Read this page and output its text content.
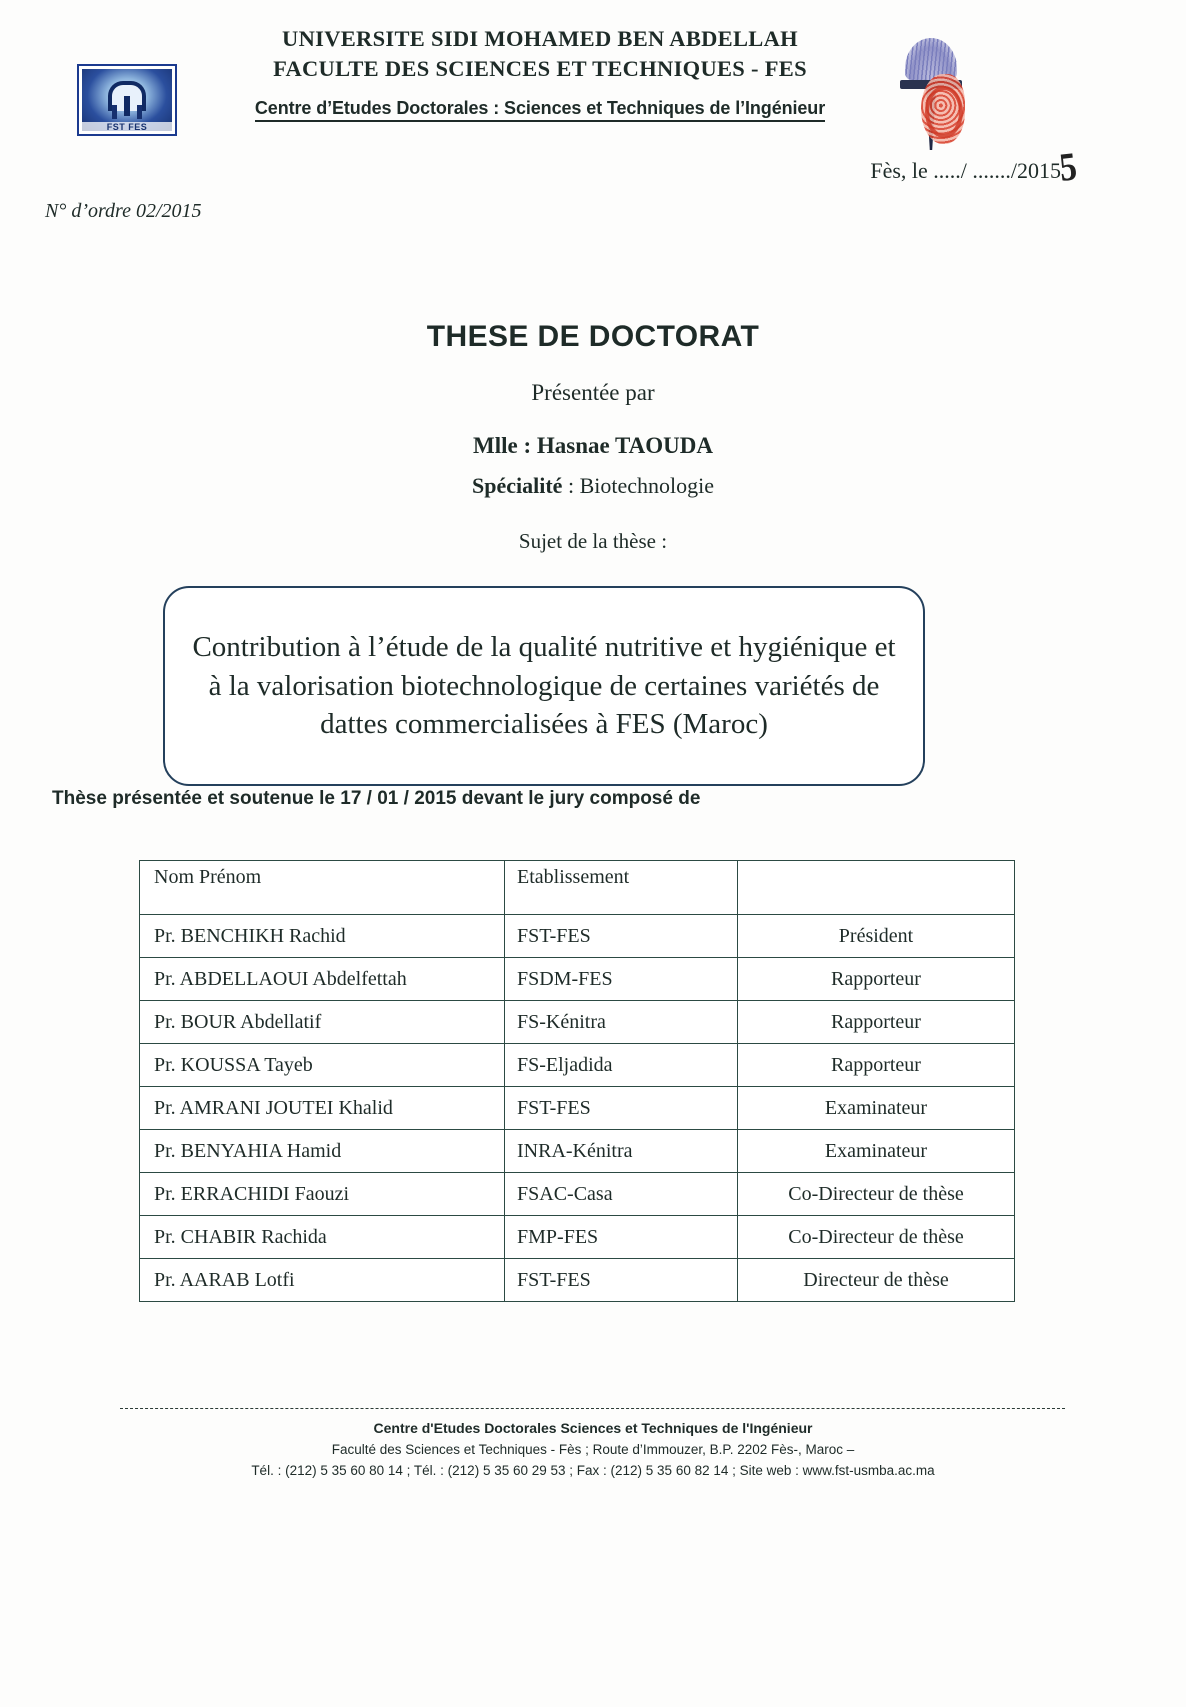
FST FES
UNIVERSITE SIDI MOHAMED BEN ABDELLAH
FACULTE DES SCIENCES ET TECHNIQUES - FES
Centre d’Etudes Doctorales : Sciences et Techniques de l’Ingénieur
Fès, le ...../ ......./2015
5
N° d’ordre 02/2015
THESE DE DOCTORAT
Présentée par
Mlle : Hasnae TAOUDA
Spécialité : Biotechnologie
Sujet de la thèse :
Contribution à l’étude de la qualité nutritive et hygiénique et à la valorisation biotechnologique de certaines variétés de dattes commercialisées à FES (Maroc)
Thèse présentée et soutenue le 17 / 01 / 2015 devant le jury composé de
Nom Prénom	Etablissement	
Pr. BENCHIKH Rachid	FST-FES	Président
Pr. ABDELLAOUI Abdelfettah	FSDM-FES	Rapporteur
Pr. BOUR Abdellatif	FS-Kénitra	Rapporteur
Pr. KOUSSA Tayeb	FS-Eljadida	Rapporteur
Pr. AMRANI JOUTEI Khalid	FST-FES	Examinateur
Pr. BENYAHIA Hamid	INRA-Kénitra	Examinateur
Pr. ERRACHIDI Faouzi	FSAC-Casa	Co-Directeur de thèse
Pr. CHABIR Rachida	FMP-FES	Co-Directeur de thèse
Pr. AARAB Lotfi	FST-FES	Directeur de thèse
Centre d'Etudes Doctorales Sciences et Techniques de l'Ingénieur
Faculté des Sciences et Techniques - Fès ; Route d’Immouzer, B.P. 2202 Fès-, Maroc –
Tél. : (212) 5 35 60 80 14 ; Tél. : (212) 5 35 60 29 53 ; Fax : (212) 5 35 60 82 14 ; Site web : www.fst-usmba.ac.ma
